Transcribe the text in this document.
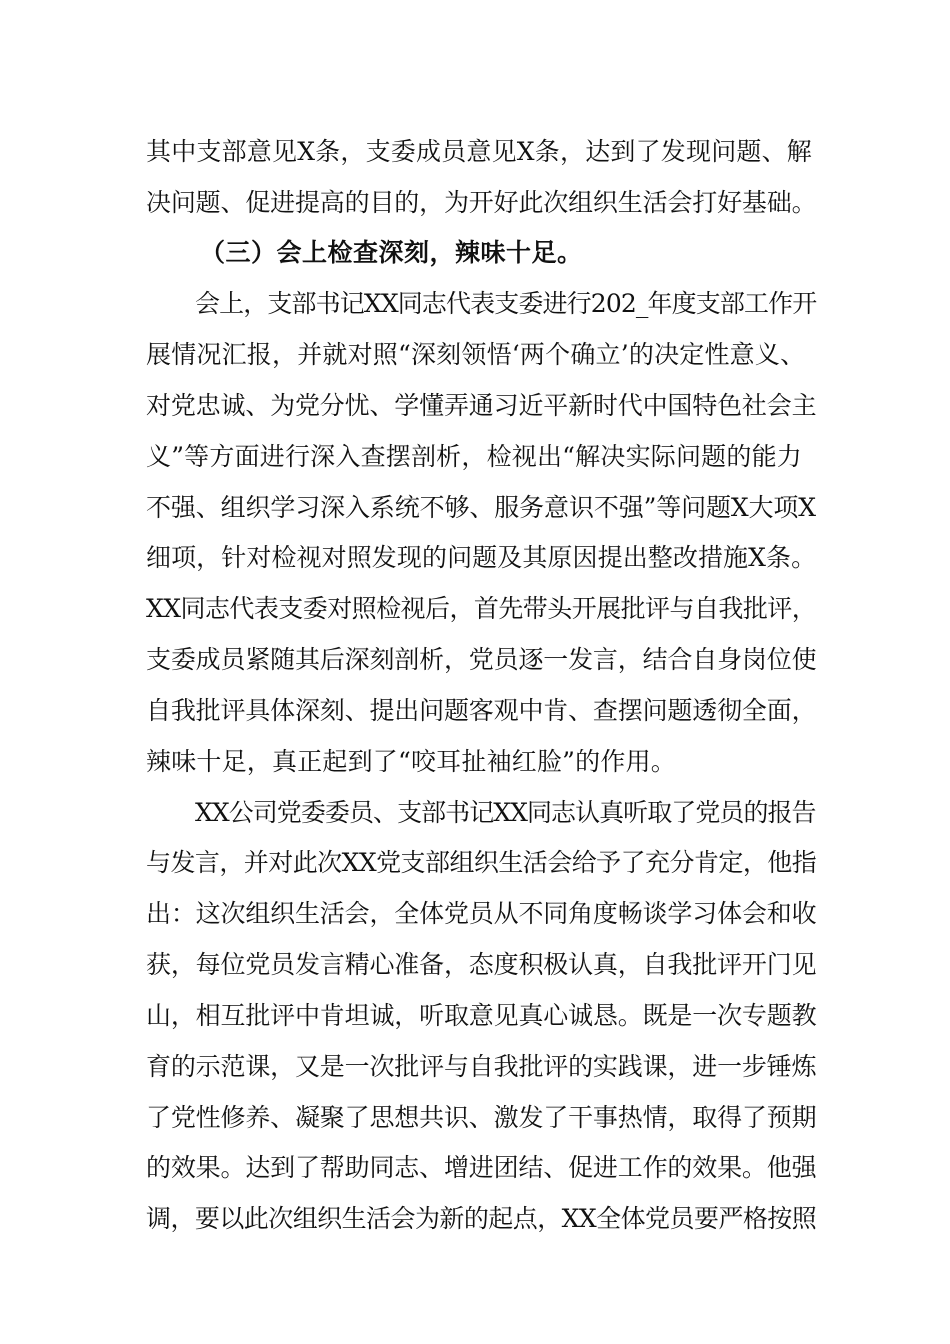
其中支部意见X条，支委成员意见X条，达到了发现问题、解
决问题、促进提高的目的，为开好此次组织生活会打好基础。
（三）会上检查深刻，辣味十足。
会上，支部书记XX同志代表支委进行202_年度支部工作开
展情况汇报，并就对照“深刻领悟‘两个确立’的决定性意义、
对党忠诚、为党分忧、学懂弄通习近平新时代中国特色社会主
义”等方面进行深入查摆剖析，检视出“解决实际问题的能力
不强、组织学习深入系统不够、服务意识不强”等问题X大项X
细项，针对检视对照发现的问题及其原因提出整改措施X条。
XX同志代表支委对照检视后，首先带头开展批评与自我批评，
支委成员紧随其后深刻剖析，党员逐一发言，结合自身岗位使
自我批评具体深刻、提出问题客观中肯、查摆问题透彻全面，
辣味十足，真正起到了“咬耳扯袖红脸”的作用。
XX公司党委委员、支部书记XX同志认真听取了党员的报告
与发言，并对此次XX党支部组织生活会给予了充分肯定，他指
出：这次组织生活会，全体党员从不同角度畅谈学习体会和收
获，每位党员发言精心准备，态度积极认真，自我批评开门见
山，相互批评中肯坦诚，听取意见真心诚恳。既是一次专题教
育的示范课，又是一次批评与自我批评的实践课，进一步锤炼
了党性修养、凝聚了思想共识、激发了干事热情，取得了预期
的效果。达到了帮助同志、增进团结、促进工作的效果。他强
调，要以此次组织生活会为新的起点，XX全体党员要严格按照
